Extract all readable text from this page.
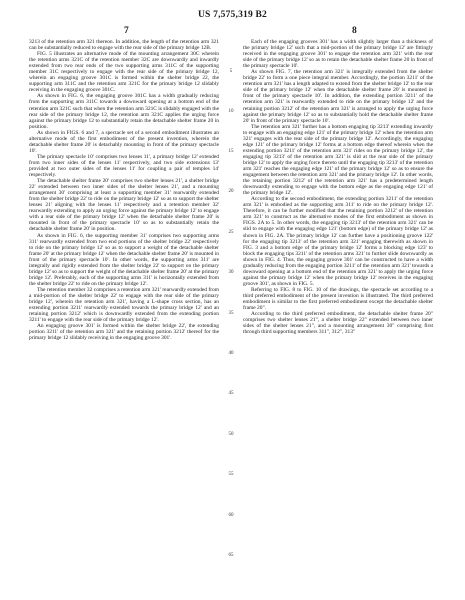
US 7,575,319 B2
7	8

3213 of the retention arm 321 thereon. In addition, the length of the retention arm 321 can be substantially reduced to engage with the rear side of the primary bridge 12B.

FIG. 5 illustrates an alternative mode of the mounting arrangement 30C wherein the retention arms 321C of the retention member 32C are downwardly and inwardly extended from two rear ends of the two supporting arms 311C of the supporting member 31C respectively to engage with the rear side of the primary bridge 12, wherein an engaging groove 301C is formed within the shelter bridge 22, the supporting arm 311C and the retention arm 321C for the primary bridge 12 slidably receiving in the engaging groove 301C.

As shown in FIG. 6, the engaging groove 301C has a width gradually reducing from the supporting arm 311C towards a downward opening at a bottom end of the retention arm 321C such that when the retention arm 321C is slidably engaged with the rear side of the primary bridge 12, the retention arm 321C applies the urging force against the primary bridge 12 to substantially retain the detachable shelter frame 20 in position.

As shown in FIGS. 6 and 7, a spectacle set of a second embodiment illustrates an alternative mode of the first embodiment of the present invention, wherein the detachable shelter frame 20' is detachably mounting in front of the primary spectacle 10'.

The primary spectacle 10' comprises two lenses 11', a primary bridge 12' extended from two inner sides of the lenses 11' respectively, and two side extensions 13' provided at two outer sides of the lenses 11' for coupling a pair of temples 14' respectively.

The detachable shelter frame 20' comprises two shelter lenses 21', a shelter bridge 22' extended between two inner sides of the shelter lenses 21', and a mounting arrangement 30' comprising at least a supporting member 31' rearwardly extended from the shelter bridge 22' to ride on the primary bridge 12' so as to support the shelter lenses 21' aligning with the lenses 11' respectively and a retention member 32' rearwardly extending to apply an urging force against the primary bridge 12' to engage with a rear side of the primary bridge 12' when the detachable shelter frame 20' is mounted in front of the primary spectacle 10' so as to substantially retain the detachable shelter frame 20' in position.

As shown in FIG. 6, the supporting member 31' comprises two supporting arms 311' rearwardly extended from two end portions of the shelter bridge 22' respectively to ride on the primary bridge 12' so as to support a weight of the detachable shelter frame 20' at the primary bridge 12' when the detachable shelter frame 20' is mounted in front of the primary spectacle 10'. In other words, the supporting arms 311' are integrally and rigidly extended from the shelter bridge 22' to support on the primary bridge 12' so as to support the weight of the detachable shelter frame 20' at the primary bridge 12'. Preferably, each of the supporting arms 311' is horizontally extended from the shelter bridge 22' to ride on the primary bridge 12'.

The retention member 32 comprises a retention arm 321' rearwardly extended from a mid-portion of the shelter bridge 22' to engage with the rear side of the primary bridge 12', wherein the retention arm 321', having a L-shape cross section, has an extending portion 3211' rearwardly extended towards the primary bridge 12' and an retaining portion 3212' which is downwardly extended from the extending portion 3211' to engage with the rear side of the primary bridge 12'.

An engaging groove 301' is formed within the shelter bridge 22', the extending portion 3211' of the retention arm 321' and the retaining portion 3212' thereof for the primary bridge 12 slidably receiving in the engaging groove 301'.

5
10
15
20
25
30
35
40
45
50
55
60
65

Each of the engaging grooves 301' has a width slightly larger than a thickness of the primary bridge 12' such that a mid-portion of the primary bridge 12' are fittingly received in the engaging groove 301' to engage the retention arm 321' with the rear side of the primary bridge 12' so as to retain the detachable shelter frame 20 in front of the primary spectacle 10'.

As shown FIG. 7, the retention arm 321' is integrally extended from the shelter bridge 22' to form a one piece integral member. Accordingly, the portion 3211' of the retention arm 321' has a length adapted to extend from the shelter bridge 12' to the rear side of the primary bridge 12' when the detachable shelter frame 20' is mounted in front of the primary spectacle 10'. In addition, the extending portion 3211' of the retention arm 321' is rearwardly extended to ride on the primary bridge 12' and the retaining portion 3212' of the retention arm 321' is arranged to apply the urging force against the primary bridge 12' so as to substantially hold the detachable shelter frame 20' in front of the primary spectacle 10'.

The retention arm 321' further has a bottom engaging tip 3213' extending inwardly to engage with an engaging edge 121' of the primary bridge 12' when the retention arm 321' engages with the rear side of the primary bridge 12'. Accordingly, the engaging edge 121' of the primary bridge 12' forms at a bottom edge thereof wherein when the extending portion 3211' of the retention arm 321' rides on the primary bridge 12', the engaging tip 3213' of the retention arm 321' is slid at the rear side of the primary bridge 12' to apply the urging force thereto until the engaging tip 3213' of the retention arm 321' reaches the engaging edge 121' of the primary bridge 12' so as to ensure the engagement between the retention arm 321' and the primary bridge 12'. In other words, the retaining portion 3212' of the retention arm 321' has a predetermined length downwardly extending to engage with the bottom edge as the engaging edge 121' of the primary bridge 12'.

According to the second embodiment, the extending portion 3211' of the retention arm 321' is embodied as the supporting arm 311' to ride on the primary bridge 12'. Therefore, it can be further modified that the retaining portion 3212' of the retention arm 321' to construct as the alternative modes of the first embodiment as shown in FIGS. 2A to 5. In other words, the engaging tip 3213' of the retention arm 321' can be slid to engage with the engaging edge 121' (bottom edge) of the primary bridge 12' as shown in FIG. 2A. The primary bridge 12' can further have a positioning groove 122' for the engaging tip 3213' of the retention arm 321' engaging therewith as shown in FIG. 3 and a bottom edge of the primary bridge 12' forms a blocking edge 123' to block the engaging tips 3211' of the retention arms 321' to further slide downwardly as shown in FIG. 4. Thus, the engaging groove 301' can be constructed to have a width gradually reducing from the engaging portion 3211' of the retention arm 321' towards a downward opening at a bottom end of the retention arm 321' to apply the urging force against the primary bridge 12' when the primary bridge 12' receives in the engaging groove 301', as shown in FIG. 5.

Referring to FIG. 8 to FIG. 10 of the drawings, the spectacle set according to a third preferred embodiment of the present invention is illustrated. The third preferred embodiment is similar to the first preferred embodiment except the detachable shelter frame 20".

According to the third preferred embodiment, the detachable shelter frame 20" comprises two shelter lenses 21", a shelter bridge 22" extended between two inner sides of the shelter lenses 21", and a mounting arrangement 30" comprising first through third supporting members 311", 312", 313"
